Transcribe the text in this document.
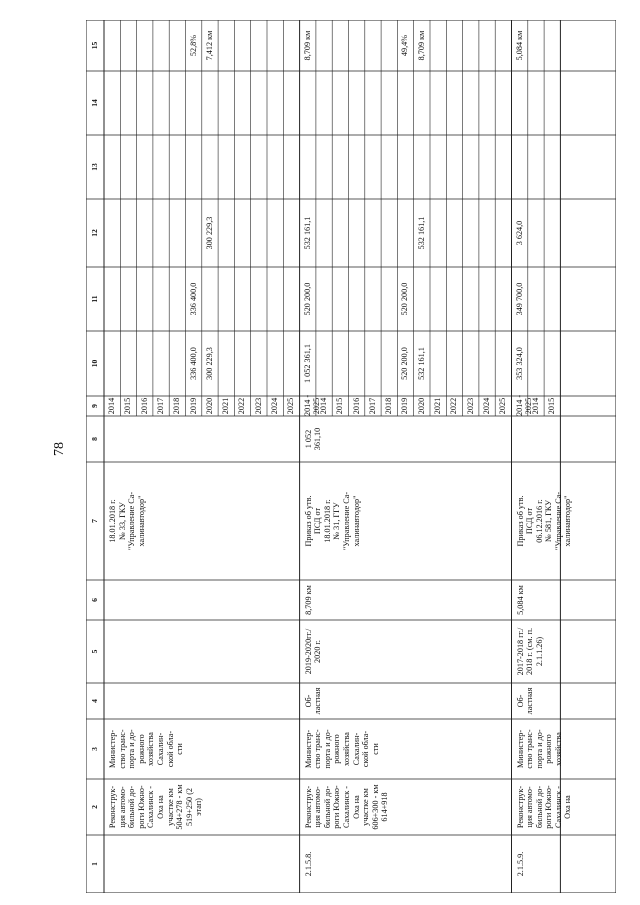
78
1
2
3
4
5
6
7
8
9
10
11
12
13
14
15
2014 2015 2016 2017 2018 2019
336 400,0
336 400,0
52,8%
2020
300 229,3
300 229,3
7,412 км
2021 2022 2023 2024 2025
Реконструк-
ция автомо-
бильной до-
роги Южно-
Сахалинск -
Оха на
участке км
504+278 - км
519+250 (2
этап)
Министер-
ство транс-
порта и до-
рожного
хозяйства
Сахалин-
ской обла-
сти
18.01.2018 г.
№ 33, ГКУ
"Управление Са-
халинавтодор"
2014 -
2025
1 052 361,1
520 200,0
532 161,1
8,709 км
2014 2015 2016 2017 2018 2019
520 200,0
520 200,0
49,4%
2020
532 161,1
532 161,1
8,709 км
2021 2022 2023 2024 2025
2.1.5.8.
Реконструк-
ция автомо-
бильной до-
роги Южно-
Сахалинск -
Оха на
участке км
606+300 - км
614+918
Министер-
ство транс-
порта и до-
рожного
хозяйства
Сахалин-
ской обла-
сти
Об-
ластная
2019-2020гг./
2020 г.
8,709 км
Приказ об утв.
ПСД от
18.01.2018 г.
№ 31, ГГУ
"Управление Са-
халинавтодор"
1 052
361,10
2014 -
2025
353 324,0
349 700,0
3 624,0
5,084 км
2014 2015
2.1.5.9.
Реконструк-
ция автомо-
бильной до-
роги Южно-
Сахалинск -
Оха на
Министер-
ство транс-
порта и до-
рожного
хозяйства
Об-
ластная
2017-2018 гг./
2018 г. (см. п.
2.1.1.26)
5,084 км
Приказ об утв.
ПСД от
06.12.2016 г.
№ 581, ГКУ
"Управление Са-
халинавтодор"
